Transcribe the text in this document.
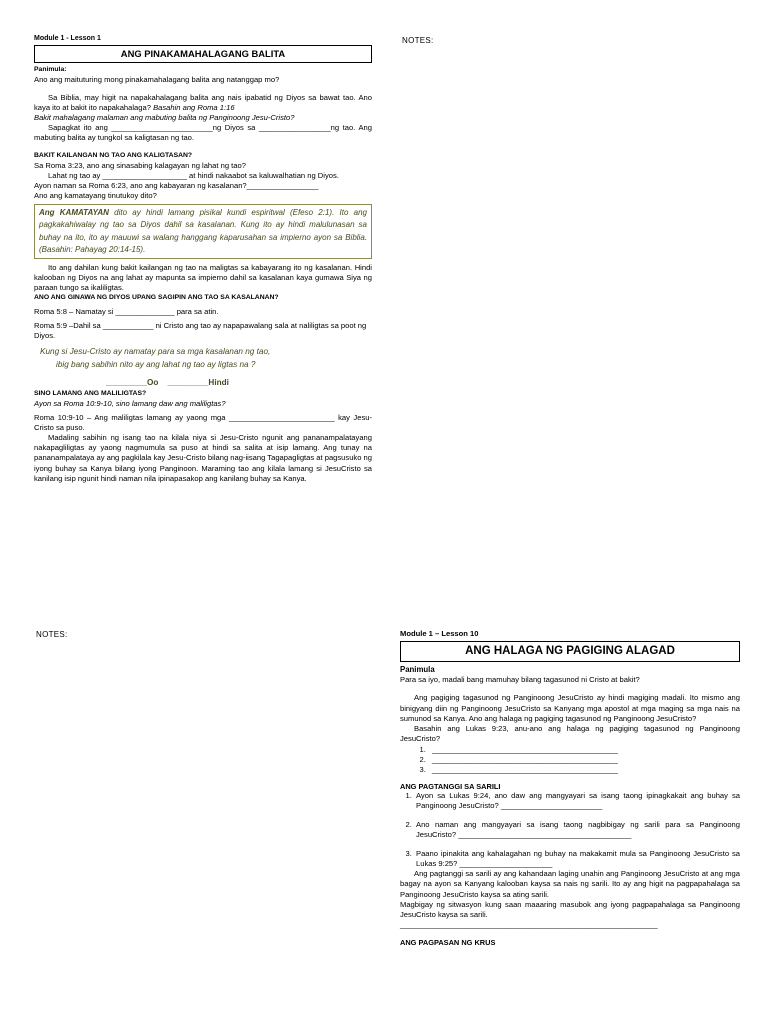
Module 1 - Lesson 1
ANG PINAKAMAHALAGANG BALITA
Panimula:

Ano ang maituturing mong pinakamahalagang balita ang natanggap mo?

Sa Biblia, may higit na napakahalagang balita ang nais ipabatid ng Diyos sa bawat tao. Ano kaya ito at bakit ito napakahalaga? Basahin ang Roma 1:16

Bakit mahalagang malaman ang mabuting balita ng Panginoong Jesu-Cristo?

Sapagkat ito ang ________________________ng Diyos sa _________________ng tao. Ang mabuting balita ay tungkol sa kaligtasan ng tao.

BAKIT KAILANGAN NG TAO ANG KALIGTASAN?

Sa Roma 3:23, ano ang sinasabing kalagayan ng lahat ng tao?

Lahat ng tao ay ____________________ at hindi nakaabot sa kaluwalhatian ng Diyos.

Ayon naman sa Roma 6:23, ano ang kabayaran ng kasalanan?_________________

Ano ang kamatayang tinutukoy dito?

Ang KAMATAYAN dito ay hindi lamang pisikal kundi espiritwal (Efeso 2:1). Ito ang pagkakahiwalay ng tao sa Diyos dahil sa kasalanan. Kung ito ay hindi malulunasan sa buhay na ito, ito ay mauuwi sa walang hanggang kaparusahan sa impierno ayon sa Biblia. (Basahin: Pahayag 20:14-15).

Ito ang dahilan kung bakit kailangan ng tao na maligtas sa kabayarang ito ng kasalanan. Hindi kalooban ng Diyos na ang lahat ay mapunta sa impierno dahil sa kasalanan kaya gumawa Siya ng paraan tungo sa ikaliligtas.

ANO ANG GINAWA NG DIYOS UPANG SAGIPIN ANG TAO SA KASALANAN?

Roma 5:8 – Namatay si ______________ para sa atin.

Roma 5:9 –Dahil sa ____________ ni Cristo ang tao ay napapawalang sala at naliligtas sa poot ng Diyos.

Kung si Jesu-Cristo ay namatay para sa mga kasalanan ng tao,

ibig bang sabihin nito ay ang lahat ng tao ay ligtas na ?

_________Oo    _________Hindi
SINO LAMANG ANG MALILIGTAS?

Ayon sa Roma 10:9-10, sino lamang daw ang maliligtas?

Roma 10:9-10 – Ang maliligtas lamang ay yaong mga _________________________ kay Jesu-Cristo sa puso.

Madaling sabihin ng isang tao na kilala niya si Jesu-Cristo ngunit ang pananampalatayang nakapagliligtas ay yaong nagmumula sa puso at hindi sa salita at isip lamang. Ang tunay na pananampalataya ay ang pagkilala kay Jesu-Cristo bilang nag-iisang Tagapagligtas at pagsusuko ng iyong buhay sa Kanya bilang iyong Panginoon. Maraming tao ang kilala lamang si JesuCristo sa kanilang isip ngunit hindi naman nila ipinapasakop ang kanilang buhay sa Kanya.

NOTES:
NOTES:	Module 1 – Lesson 10
ANG HALAGA NG PAGIGING ALAGAD
Panimula

Para sa iyo, madali bang mamuhay bilang tagasunod ni Cristo at bakit?

Ang pagiging tagasunod ng Panginoong JesuCristo ay hindi magiging madali. Ito mismo ang binigyang diin ng Panginoong JesuCristo sa Kanyang mga apostol at mga maging sa mga nais na sumunod sa Kanya. Ano ang halaga ng pagiging tagasunod ng Panginoong JesuCristo?

Basahin ang Lukas 9:23, anu-ano ang halaga ng pagiging tagasunod ng Panginoong JesuCristo?

1. ____________________________________________
2. ____________________________________________
3. ____________________________________________
ANG PAGTANGGI SA SARILI
1. Ayon sa Lukas 9:24, ano daw ang mangyayari sa isang taong ipinagkakait ang buhay sa Panginoong JesuCristo? ________________________
2. Ano naman ang mangyayari sa isang taong nagbibigay ng sarili para sa Panginoong JesuCristo? _________________________________________
3. Paano ipinakita ang kahalagahan ng buhay na makakamit mula sa Panginoong JesuCristo sa Lukas 9:25? ______________________

Ang pagtanggi sa sarili ay ang kahandaan laging unahin ang Panginoong JesuCristo at ang mga bagay na ayon sa Kanyang kalooban kaysa sa nais ng sarili. Ito ay ang higit na pagpapahalaga sa Panginoong JesuCristo kaysa sa ating sarili.

Magbigay ng sitwasyon kung saan maaaring masubok ang iyong pagpapahalaga sa Panginoong JesuCristo kaysa sa sarili.

_____________________________________________________________

ANG PAGPASAN NG KRUS
